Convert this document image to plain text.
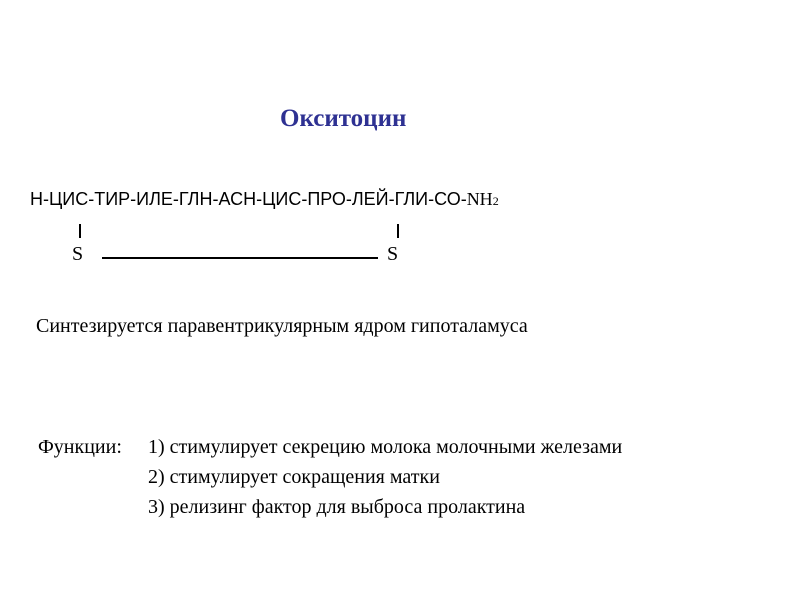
Окситоцин
Н-ЦИС-ТИР-ИЛЕ-ГЛН-АСН-ЦИС-ПРО-ЛЕЙ-ГЛИ-СО-NH2
S	S
Синтезируется паравентрикулярным ядром гипоталамуса
Функции: 1) стимулирует секрецию молока молочными железами
2) стимулирует сокращения матки
3) релизинг фактор для выброса пролактина
